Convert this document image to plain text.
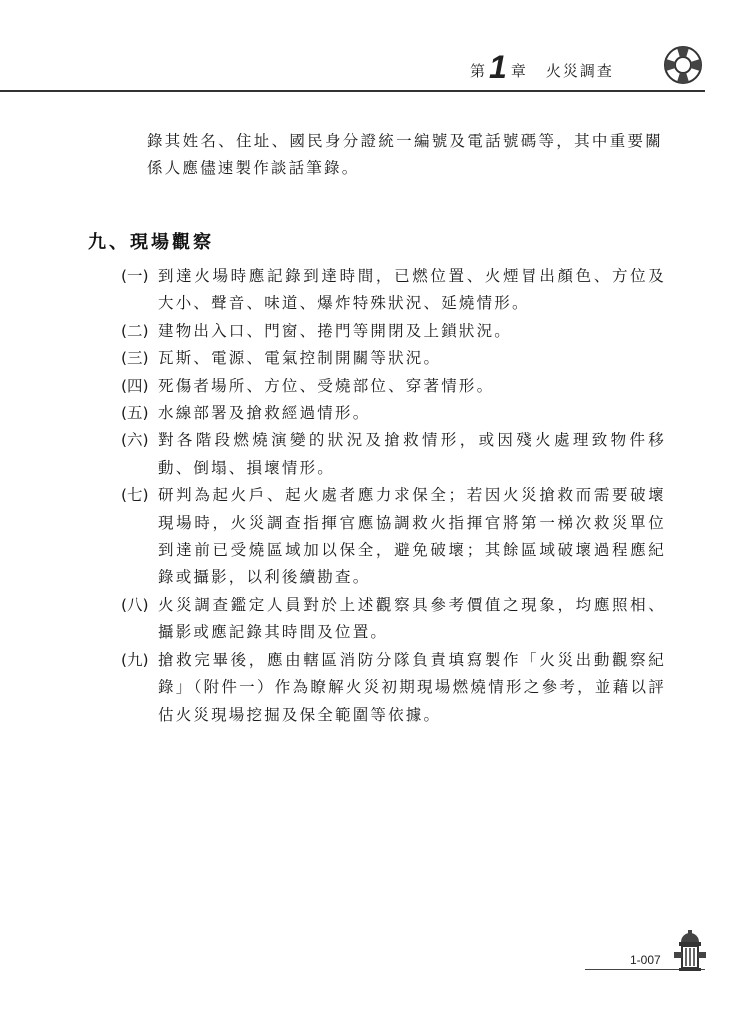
第 1 章 火災調查
錄其姓名、住址、國民身分證統一編號及電話號碼等，其中重要關係人應儘速製作談話筆錄。
九、現場觀察
(一) 到達火場時應記錄到達時間，已燃位置、火煙冒出顏色、方位及大小、聲音、味道、爆炸特殊狀況、延燒情形。
(二) 建物出入口、門窗、捲門等開閉及上鎖狀況。
(三) 瓦斯、電源、電氣控制開關等狀況。
(四) 死傷者場所、方位、受燒部位、穿著情形。
(五) 水線部署及搶救經過情形。
(六) 對各階段燃燒演變的狀況及搶救情形，或因殘火處理致物件移動、倒塌、損壞情形。
(七) 研判為起火戶、起火處者應力求保全；若因火災搶救而需要破壞現場時，火災調查指揮官應協調救火指揮官將第一梯次救災單位到達前已受燒區域加以保全，避免破壞；其餘區域破壞過程應紀錄或攝影，以利後續勘查。
(八) 火災調查鑑定人員對於上述觀察具參考價值之現象，均應照相、攝影或應記錄其時間及位置。
(九) 搶救完畢後，應由轄區消防分隊負責填寫製作「火災出動觀察紀錄」（附件一）作為瞭解火災初期現場燃燒情形之參考，並藉以評估火災現場挖掘及保全範圍等依據。
1-007
